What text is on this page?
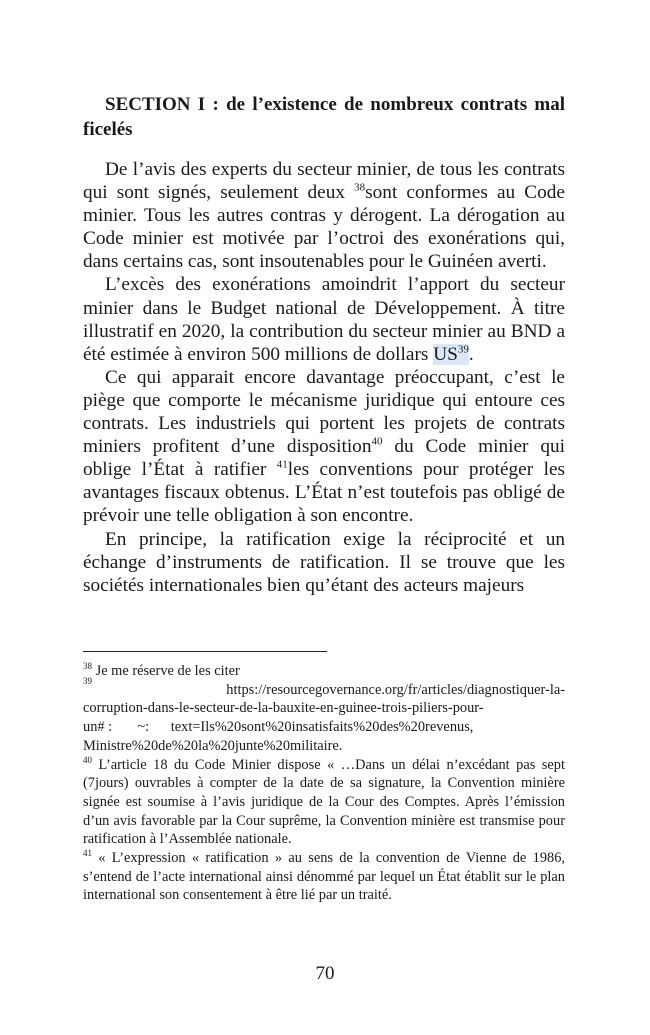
SECTION I : de l’existence de nombreux contrats mal ficelés

De l’avis des experts du secteur minier, de tous les contrats qui sont signés, seulement deux $^{38}$sont conformes au Code minier. Tous les autres contras y dérogent. La dérogation au Code minier est motivée par l’octroi des exonérations qui, dans certains cas, sont insoutenables pour le Guinéen averti.

L’excès des exonérations amoindrit l’apport du secteur minier dans le Budget national de Développement. À titre illustratif en 2020, la contribution du secteur minier au BND a été estimée à environ 500 millions de dollars US$^{39}$.

Ce qui apparait encore davantage préoccupant, c’est le piège que comporte le mécanisme juridique qui entoure ces contrats. Les industriels qui portent les projets de contrats miniers profitent d’une disposition$^{40}$ du Code minier qui oblige l’État à ratifier $^{41}$les conventions pour protéger les avantages fiscaux obtenus. L’État n’est toutefois pas obligé de prévoir une telle obligation à son encontre.

En principe, la ratification exige la réciprocité et un échange d’instruments de ratification. Il se trouve que les sociétés internationales bien qu’étant des acteurs majeurs

$^{38}$ Je me réserve de les citer

39
https://resourcegovernance.org/fr/articles/diagnostiquer-la-

corruption-dans-le-secteur-de-la-bauxite-en-guinee-trois-piliers-pour-

un# :       ~:      text=Ils%20sont%20insatisfaits%20des%20revenus,

Ministre%20de%20la%20junte%20militaire.

$^{40}$ L’article 18 du Code Minier dispose « …Dans un délai n’excédant pas sept (7jours) ouvrables à compter de la date de sa signature, la Convention minière signée est soumise à l’avis juridique de la Cour des Comptes. Après l’émission d’un avis favorable par la Cour suprême, la Convention minière est transmise pour ratification à l’Assemblée nationale.

$^{41}$ « L’expression « ratification » au sens de la convention de Vienne de 1986, s’entend de l’acte international ainsi dénommé par lequel un État établit sur le plan international son consentement à être lié par un traité.

70
